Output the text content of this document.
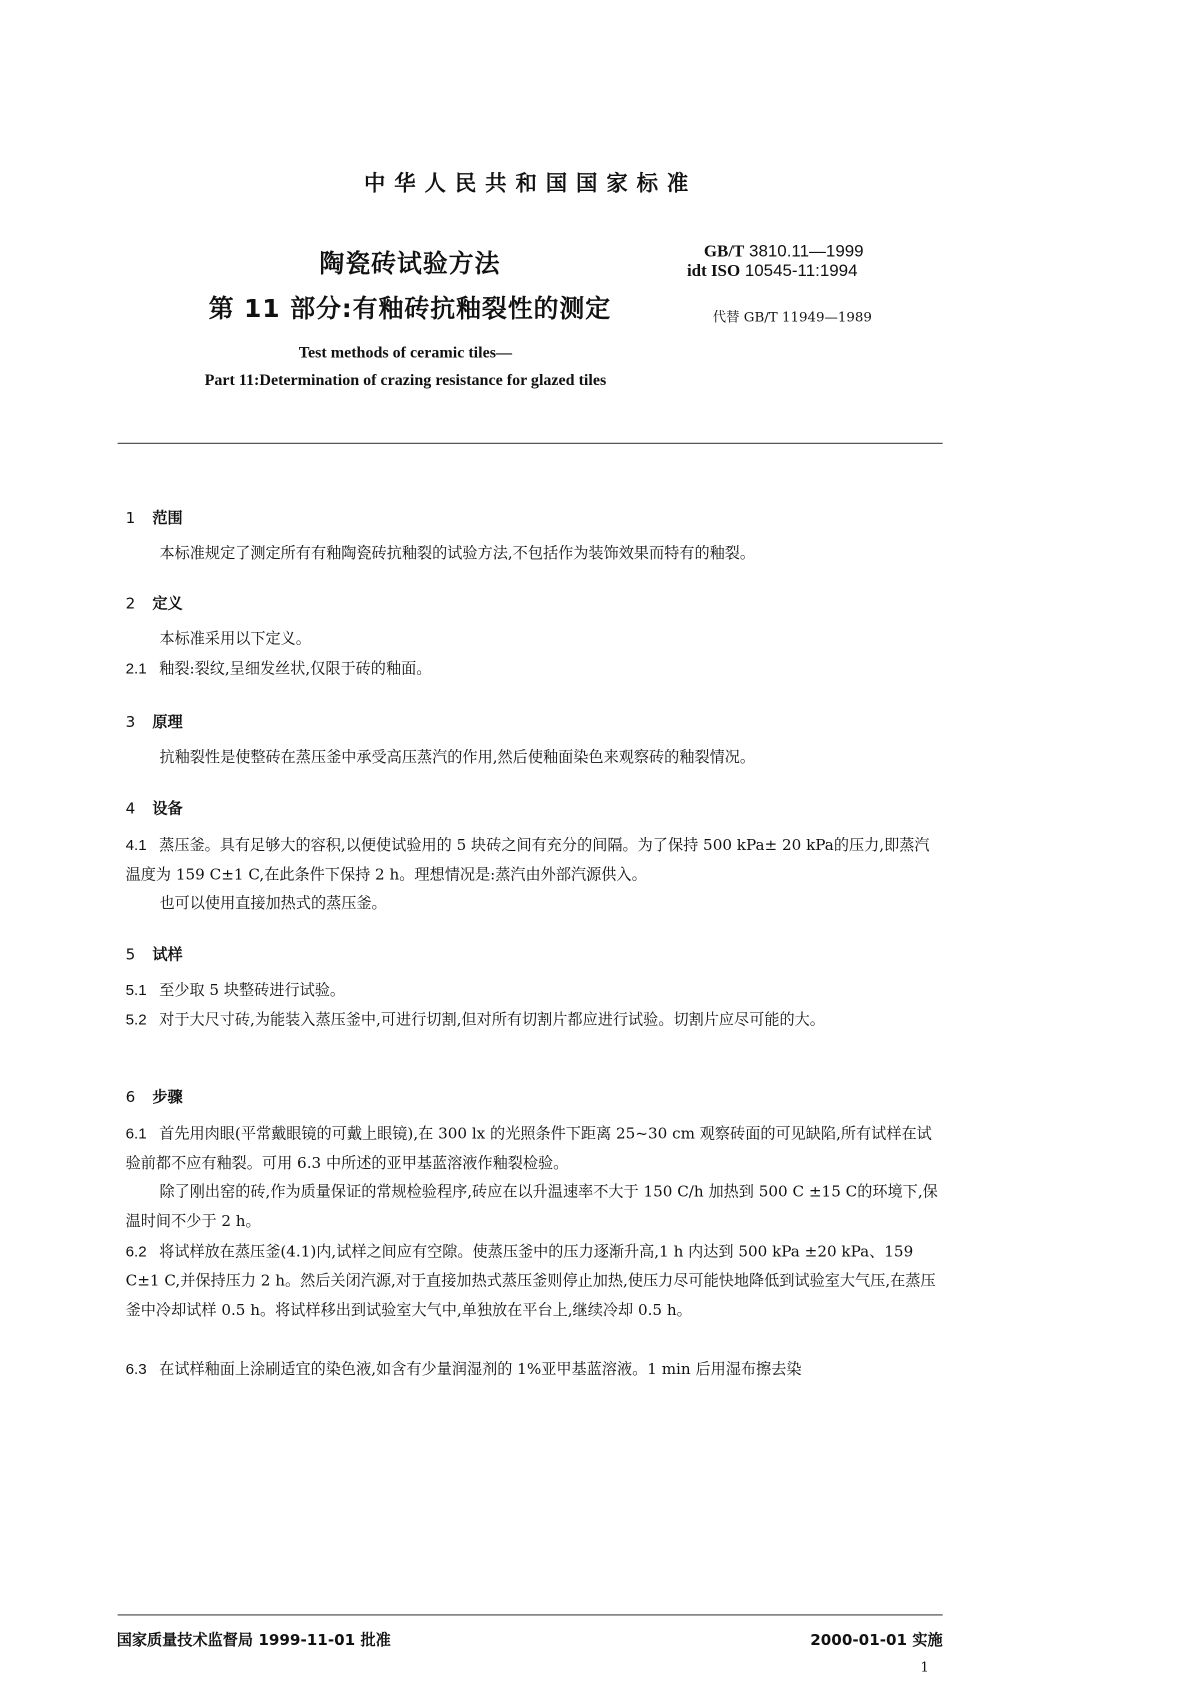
中华人民共和国国家标准
陶瓷砖试验方法
第 11 部分:有釉砖抗釉裂性的测定
GB/T 3810.11—1999
idt ISO 10545-11:1994
代替 GB/T 11949—1989
Test methods of ceramic tiles—
Part 11:Determination of crazing resistance for glazed tiles
1 范围
本标准规定了测定所有有釉陶瓷砖抗釉裂的试验方法,不包括作为装饰效果而特有的釉裂。
2 定义
本标准采用以下定义。
2.1 釉裂:裂纹,呈细发丝状,仅限于砖的釉面。
3 原理
抗釉裂性是使整砖在蒸压釜中承受高压蒸汽的作用,然后使釉面染色来观察砖的釉裂情况。
4 设备
4.1 蒸压釜。具有足够大的容积,以便使试验用的 5 块砖之间有充分的间隔。为了保持 500 kPa± 20 kPa的压力,即蒸汽温度为 159 C±1 C,在此条件下保持 2 h。理想情况是:蒸汽由外部汽源供入。
也可以使用直接加热式的蒸压釜。
5 试样
5.1 至少取 5 块整砖进行试验。
5.2 对于大尺寸砖,为能装入蒸压釜中,可进行切割,但对所有切割片都应进行试验。切割片应尽可能的大。
6 步骤
6.1 首先用肉眼(平常戴眼镜的可戴上眼镜),在 300 lx 的光照条件下距离 25~30 cm 观察砖面的可见缺陷,所有试样在试验前都不应有釉裂。可用 6.3 中所述的亚甲基蓝溶液作釉裂检验。
除了刚出窑的砖,作为质量保证的常规检验程序,砖应在以升温速率不大于 150 C/h 加热到 500 C ±15 C的环境下,保温时间不少于 2 h。
6.2 将试样放在蒸压釜(4.1)内,试样之间应有空隙。使蒸压釜中的压力逐渐升高,1 h 内达到 500 kPa ±20 kPa、159 C±1 C,并保持压力 2 h。然后关闭汽源,对于直接加热式蒸压釜则停止加热,使压力尽可能快地降低到试验室大气压,在蒸压釜中冷却试样 0.5 h。将试样移出到试验室大气中,单独放在平台上,继续冷却 0.5 h。
6.3 在试样釉面上涂刷适宜的染色液,如含有少量润湿剂的 1%亚甲基蓝溶液。1 min 后用湿布擦去染
国家质量技术监督局 1999-11-01 批准	2000-01-01 实施
1
